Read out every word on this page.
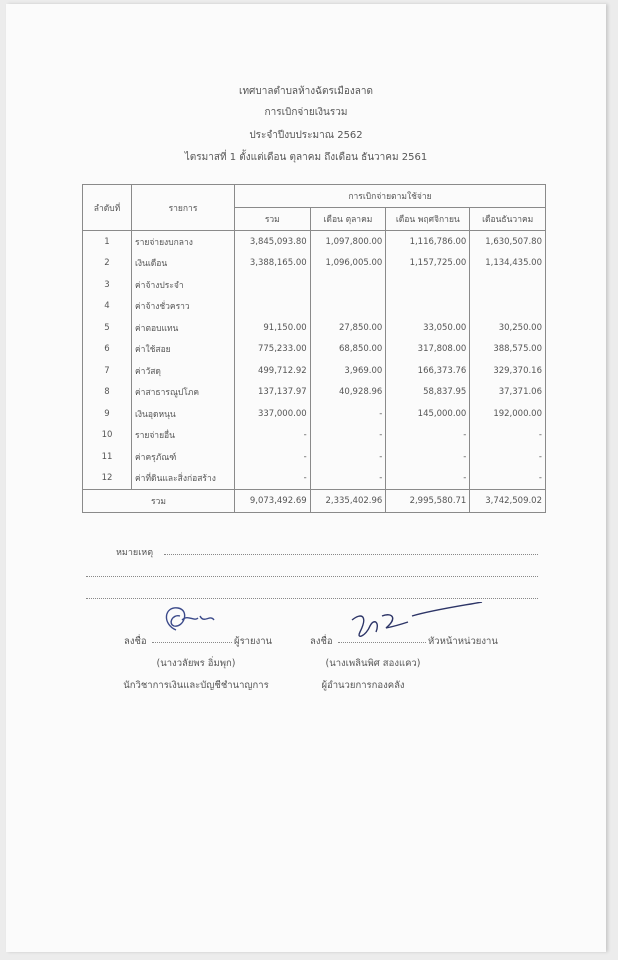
เทศบาลตำบลห้างฉัตรเมืองลาด
การเบิกจ่ายเงินรวม
ประจำปีงบประมาณ 2562
ไตรมาสที่ 1 ตั้งแต่เดือน ตุลาคม ถึงเดือน ธันวาคม 2561
ลำดับที่	รายการ	การเบิกจ่ายตามใช้จ่าย			
		รวม	เดือน ตุลาคม	เดือน พฤศจิกายน	เดือนธันวาคม
1	รายจ่ายงบกลาง	3,845,093.80	1,097,800.00	1,116,786.00	1,630,507.80
2	เงินเดือน	3,388,165.00	1,096,005.00	1,157,725.00	1,134,435.00
3	ค่าจ้างประจำ				
4	ค่าจ้างชั่วคราว				
5	ค่าตอบแทน	91,150.00	27,850.00	33,050.00	30,250.00
6	ค่าใช้สอย	775,233.00	68,850.00	317,808.00	388,575.00
7	ค่าวัสดุ	499,712.92	3,969.00	166,373.76	329,370.16
8	ค่าสาธารณูปโภค	137,137.97	40,928.96	58,837.95	37,371.06
9	เงินอุดหนุน	337,000.00	-	145,000.00	192,000.00
10	รายจ่ายอื่น	-	-	-	-
11	ค่าครุภัณฑ์	-	-	-	-
12	ค่าที่ดินและสิ่งก่อสร้าง	-	-	-	-
รวม		9,073,492.69	2,335,402.96	2,995,580.71	3,742,509.02
หมายเหตุ
ลงชื่อ	ผู้รายงาน
(นางวลัยพร อิ่มพุก)
นักวิชาการเงินและบัญชีชำนาญการ
ลงชื่อ	หัวหน้าหน่วยงาน
(นางเพลินพิศ สองแคว)
ผู้อำนวยการกองคลัง
